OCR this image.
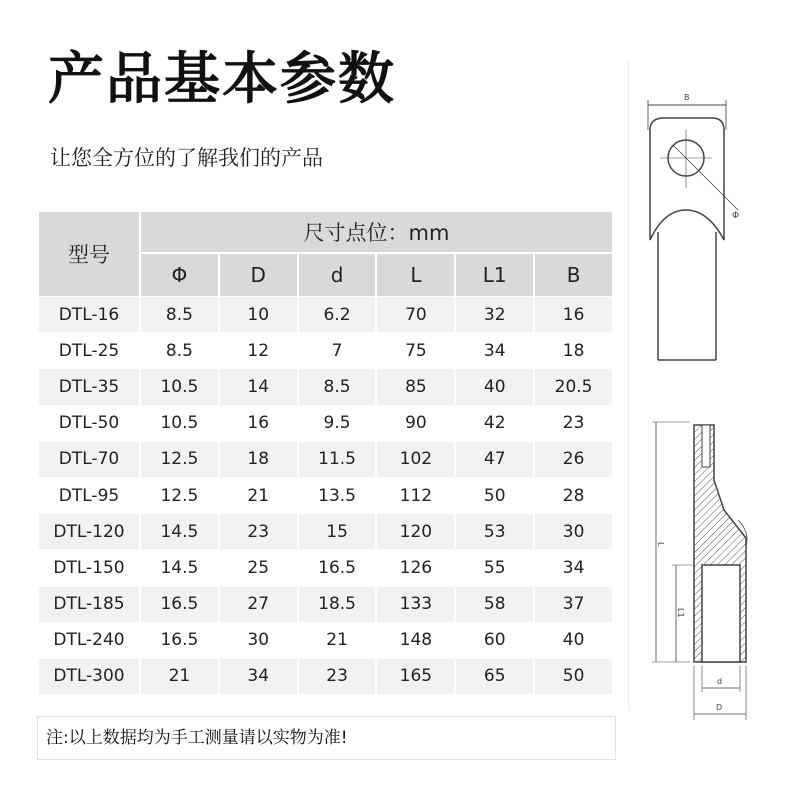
产品基本参数
让您全方位的了解我们的产品
型号	尺寸点位：mm					
	Φ	D	d	L	L1	B
DTL-16	8.5	10	6.2	70	32	16
DTL-25	8.5	12	7	75	34	18
DTL-35	10.5	14	8.5	85	40	20.5
DTL-50	10.5	16	9.5	90	42	23
DTL-70	12.5	18	11.5	102	47	26
DTL-95	12.5	21	13.5	112	50	28
DTL-120	14.5	23	15	120	53	30
DTL-150	14.5	25	16.5	126	55	34
DTL-185	16.5	27	18.5	133	58	37
DTL-240	16.5	30	21	148	60	40
DTL-300	21	34	23	165	65	50
注:以上数据均为手工测量请以实物为准!
B
Φ
L
L1
d
D
